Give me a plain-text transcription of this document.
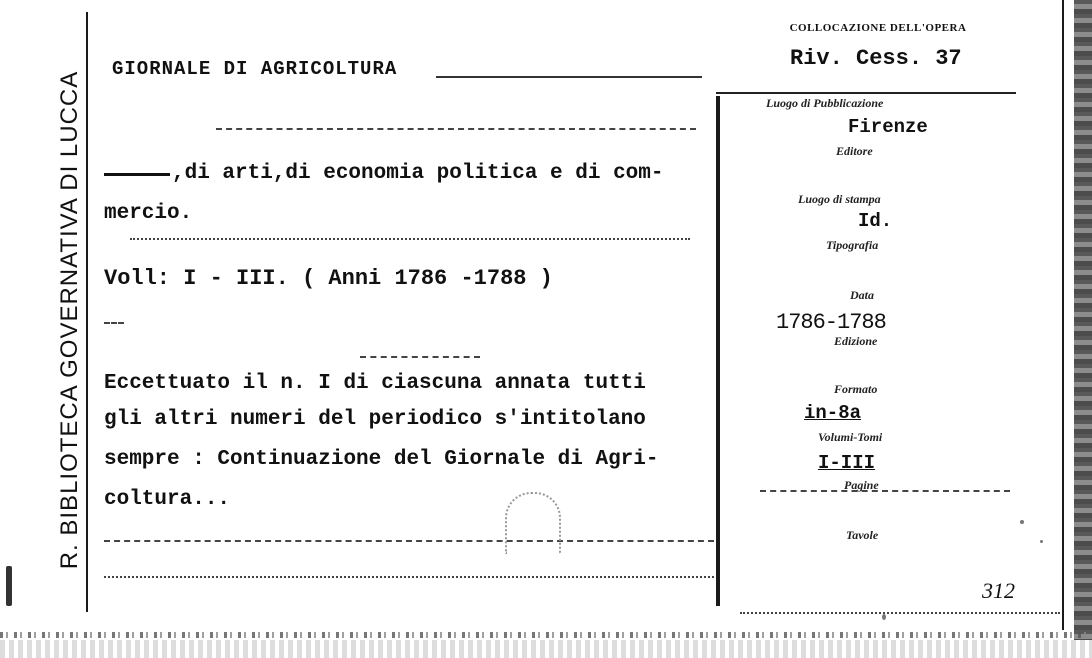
R. BIBLIOTECA GOVERNATIVA DI LUCCA
GIORNALE DI AGRICOLTURA
,di arti,di economia politica e di com-
mercio.
Voll: I - III. ( Anni 1786 -1788 )
Eccettuato il n. I di ciascuna annata tutti
gli altri numeri del periodico s'intitolano
sempre : Continuazione del Giornale di Agri-
coltura...
COLLOCAZIONE DELL'OPERA
Riv. Cess. 37
Luogo di Pubblicazione
Firenze
Editore
Luogo di stampa
Id.
Tipografia
Data
1786-1788
Edizione
Formato
in-8a
Volumi-Tomi
I-III
Pagine
Tavole
312
